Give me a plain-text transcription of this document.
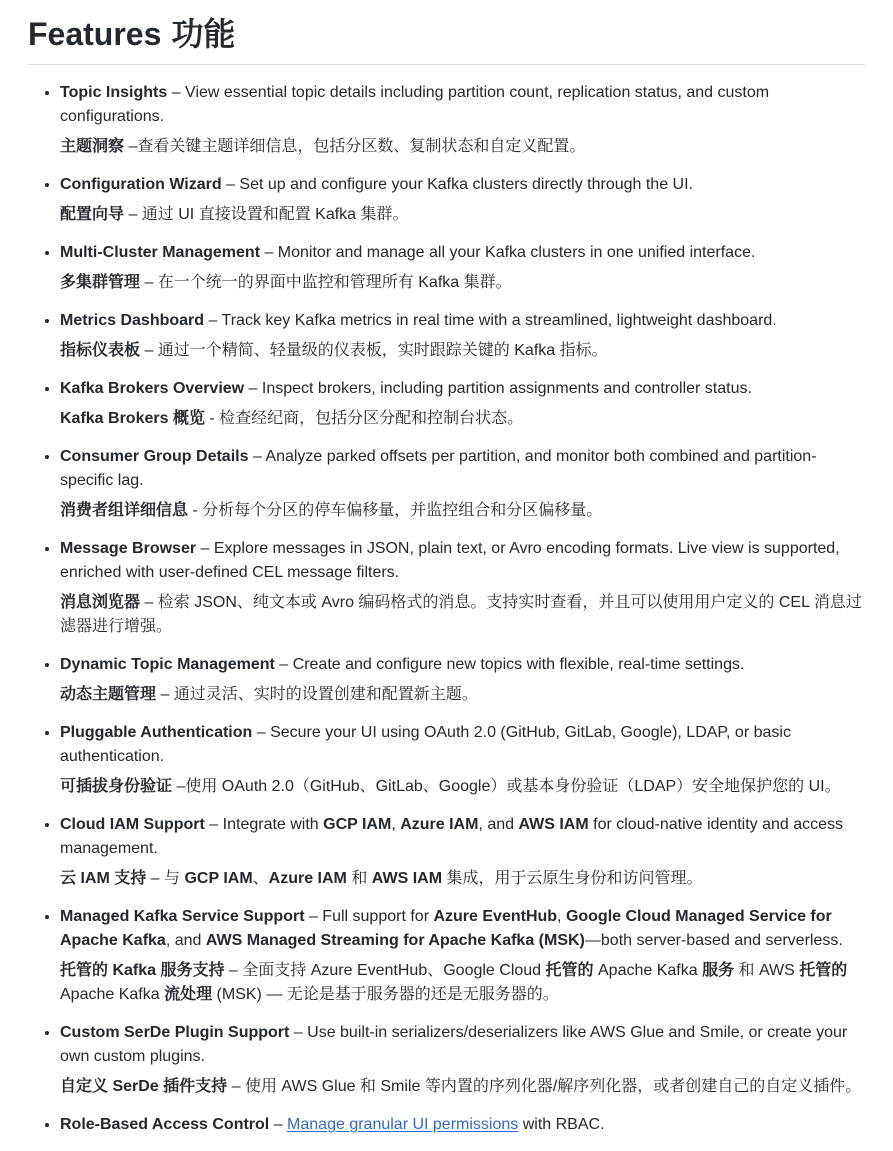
Features 功能

• Topic Insights – View essential topic details including partition count, replication status, and custom configurations.

主题洞察 –查看关键主题详细信息，包括分区数、复制状态和自定义配置。

• Configuration Wizard – Set up and configure your Kafka clusters directly through the UI.

配置向导 – 通过 UI 直接设置和配置 Kafka 集群。

• Multi-Cluster Management – Monitor and manage all your Kafka clusters in one unified interface.

多集群管理 – 在一个统一的界面中监控和管理所有 Kafka 集群。

• Metrics Dashboard – Track key Kafka metrics in real time with a streamlined, lightweight dashboard.

指标仪表板 – 通过一个精简、轻量级的仪表板，实时跟踪关键的 Kafka 指标。

• Kafka Brokers Overview – Inspect brokers, including partition assignments and controller status.

Kafka Brokers 概览 - 检查经纪商，包括分区分配和控制台状态。

• Consumer Group Details – Analyze parked offsets per partition, and monitor both combined and partition-specific lag.

消费者组详细信息 - 分析每个分区的停车偏移量，并监控组合和分区偏移量。

• Message Browser – Explore messages in JSON, plain text, or Avro encoding formats. Live view is supported, enriched with user-defined CEL message filters.

消息浏览器 – 检索 JSON、纯文本或 Avro 编码格式的消息。支持实时查看，并且可以使用用户定义的 CEL 消息过滤器进行增强。

• Dynamic Topic Management – Create and configure new topics with flexible, real-time settings.

动态主题管理 – 通过灵活、实时的设置创建和配置新主题。

• Pluggable Authentication – Secure your UI using OAuth 2.0 (GitHub, GitLab, Google), LDAP, or basic authentication.

可插拔身份验证 –使用 OAuth 2.0（GitHub、GitLab、Google）或基本身份验证（LDAP）安全地保护您的 UI。

• Cloud IAM Support – Integrate with GCP IAM, Azure IAM, and AWS IAM for cloud-native identity and access management.

云 IAM 支持 – 与 GCP IAM、Azure IAM 和 AWS IAM 集成，用于云原生身份和访问管理。

• Managed Kafka Service Support – Full support for Azure EventHub, Google Cloud Managed Service for Apache Kafka, and AWS Managed Streaming for Apache Kafka (MSK)—both server-based and serverless.

托管的 Kafka 服务支持 – 全面支持 Azure EventHub、Google Cloud 托管的 Apache Kafka 服务 和 AWS 托管的 Apache Kafka 流处理 (MSK) — 无论是基于服务器的还是无服务器的。

• Custom SerDe Plugin Support – Use built-in serializers/deserializers like AWS Glue and Smile, or create your own custom plugins.

自定义 SerDe 插件支持 – 使用 AWS Glue 和 Smile 等内置的序列化器/解序列化器，或者创建自己的自定义插件。

• Role-Based Access Control – Manage granular UI permissions with RBAC.
